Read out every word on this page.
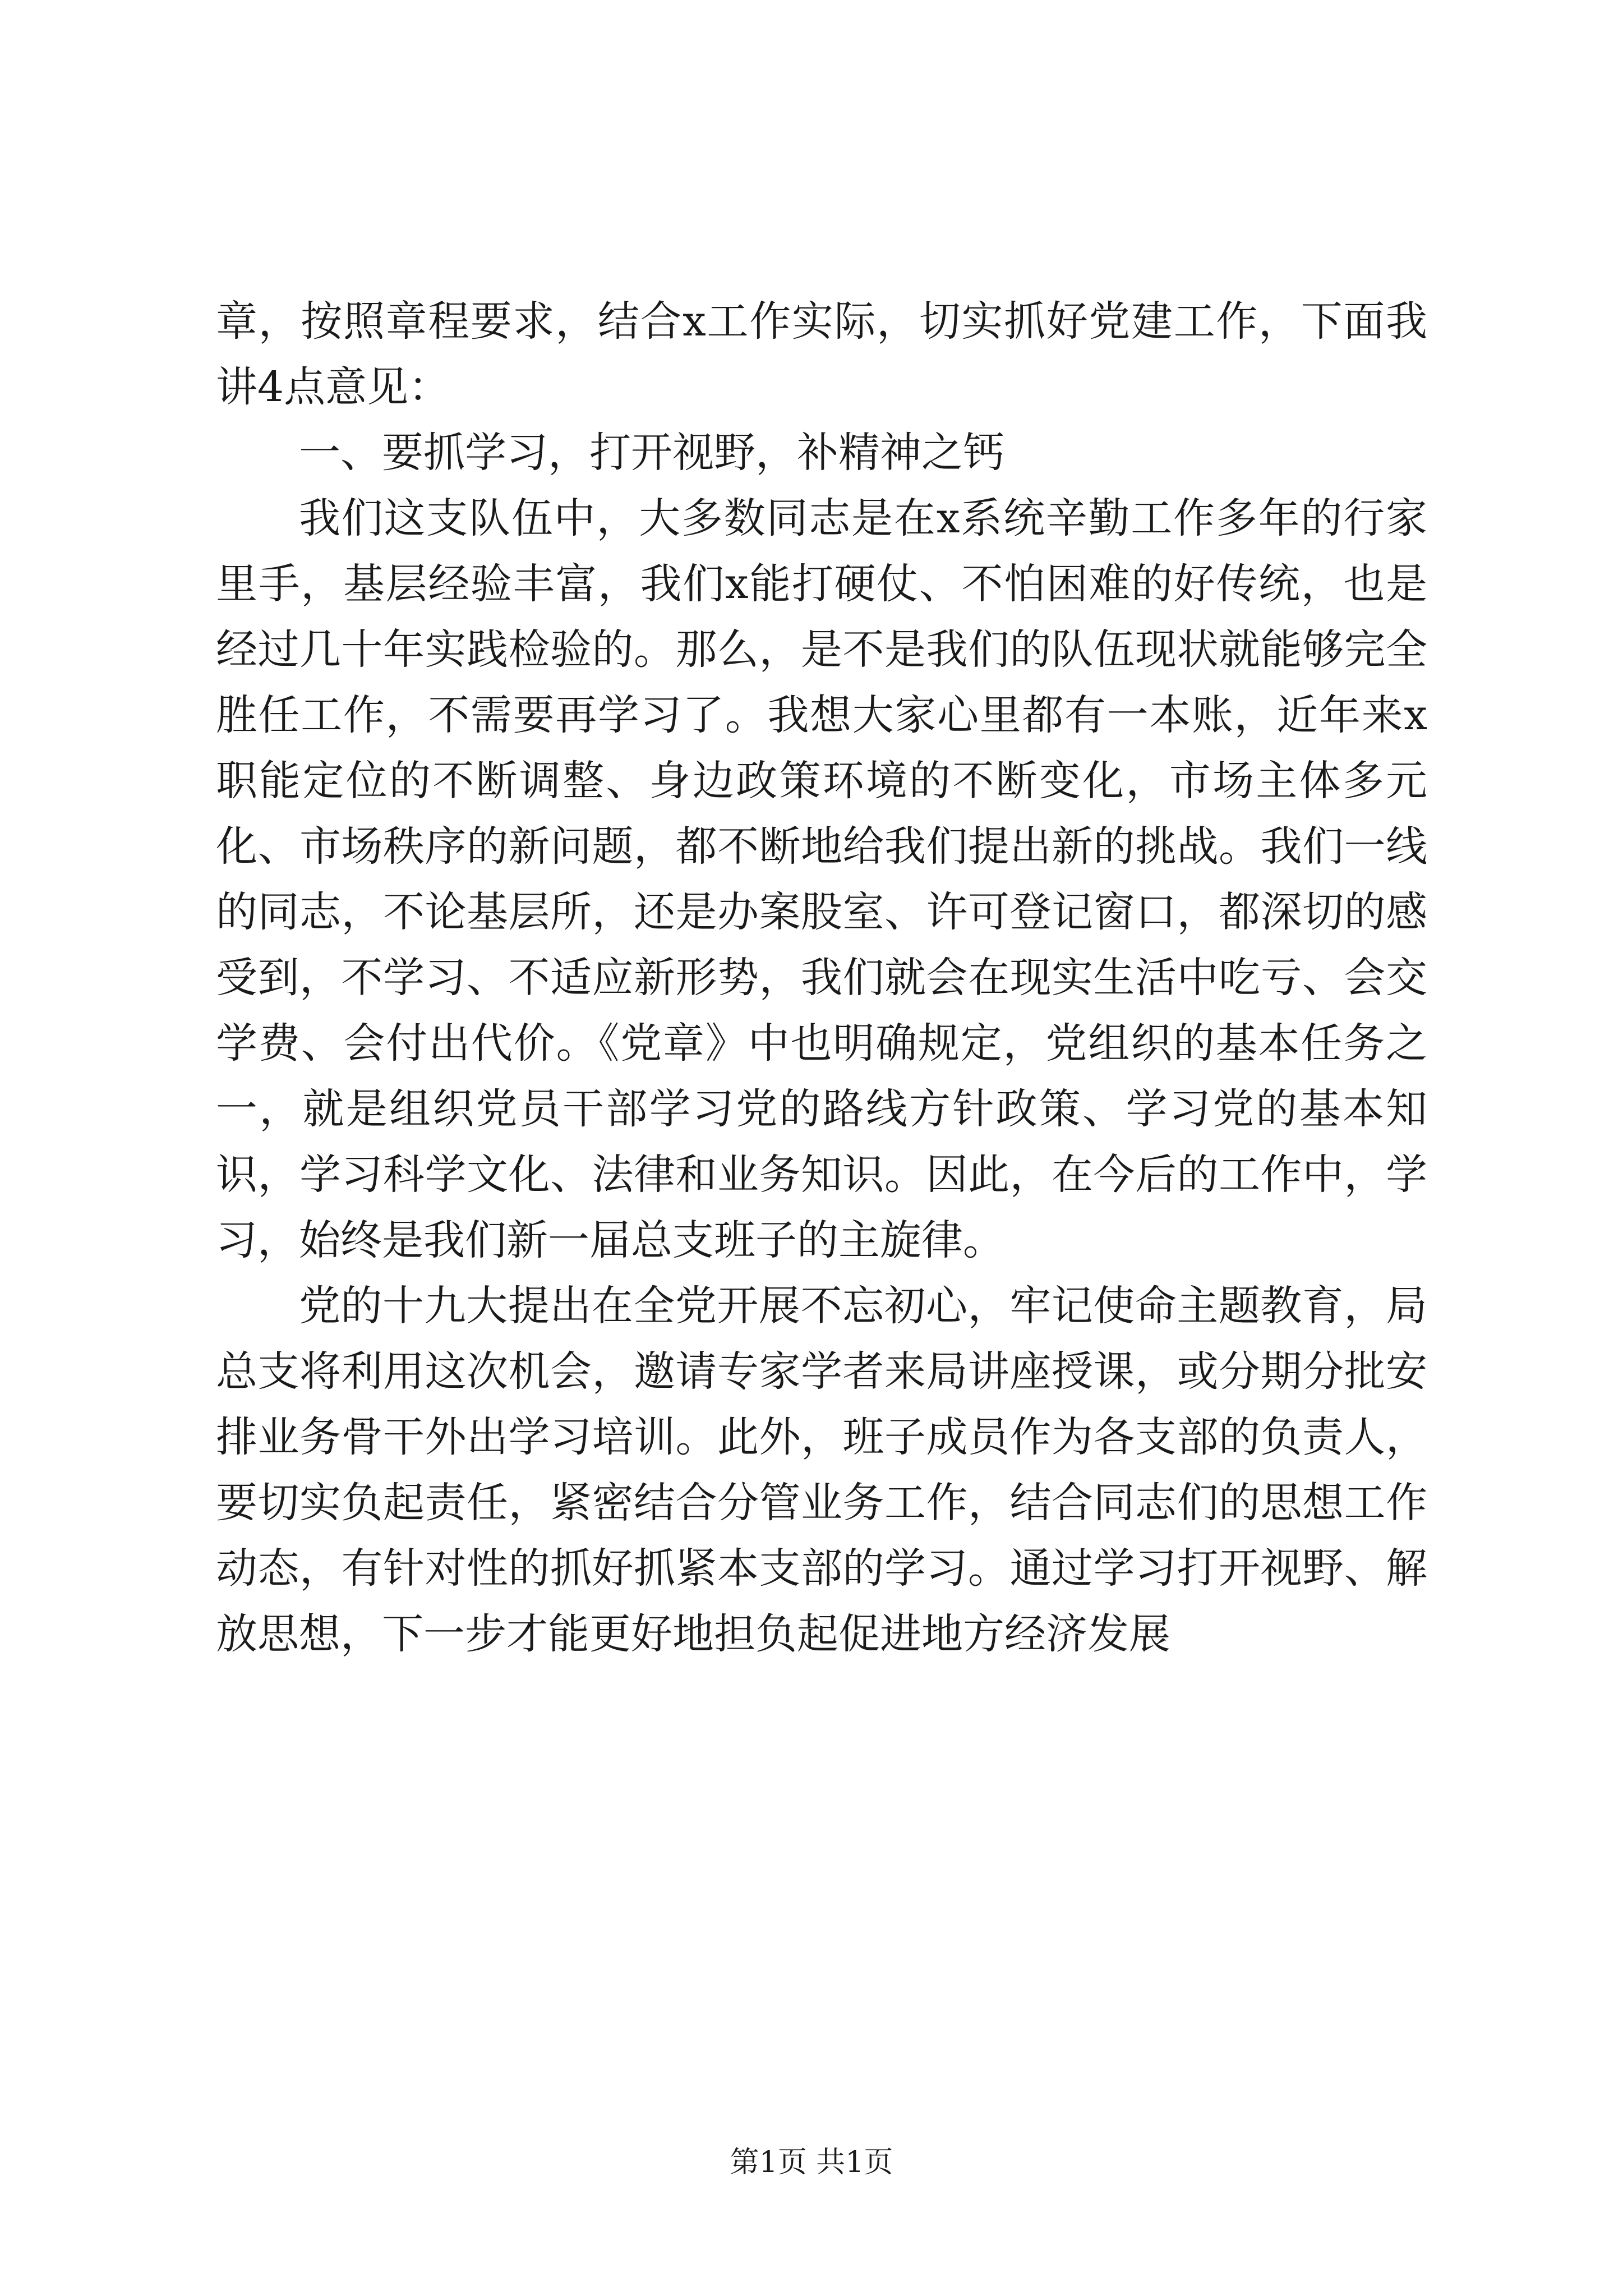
章，按照章程要求，结合x工作实际，切实抓好党建工作，下面我讲4点意见：

一、要抓学习，打开视野，补精神之钙

我们这支队伍中，大多数同志是在x系统辛勤工作多年的行家里手，基层经验丰富，我们x能打硬仗、不怕困难的好传统，也是经过几十年实践检验的。那么，是不是我们的队伍现状就能够完全胜任工作，不需要再学习了。我想大家心里都有一本账，近年来x职能定位的不断调整、身边政策环境的不断变化，市场主体多元化、市场秩序的新问题，都不断地给我们提出新的挑战。我们一线的同志，不论基层所，还是办案股室、许可登记窗口，都深切的感受到，不学习、不适应新形势，我们就会在现实生活中吃亏、会交学费、会付出代价。《党章》中也明确规定，党组织的基本任务之一，就是组织党员干部学习党的路线方针政策、学习党的基本知识，学习科学文化、法律和业务知识。因此，在今后的工作中，学习，始终是我们新一届总支班子的主旋律。

党的十九大提出在全党开展不忘初心，牢记使命主题教育，局总支将利用这次机会，邀请专家学者来局讲座授课，或分期分批安排业务骨干外出学习培训。此外，班子成员作为各支部的负责人，要切实负起责任，紧密结合分管业务工作，结合同志们的思想工作动态，有针对性的抓好抓紧本支部的学习。通过学习打开视野、解放思想，下一步才能更好地担负起促进地方经济发展

第1页 共1页
